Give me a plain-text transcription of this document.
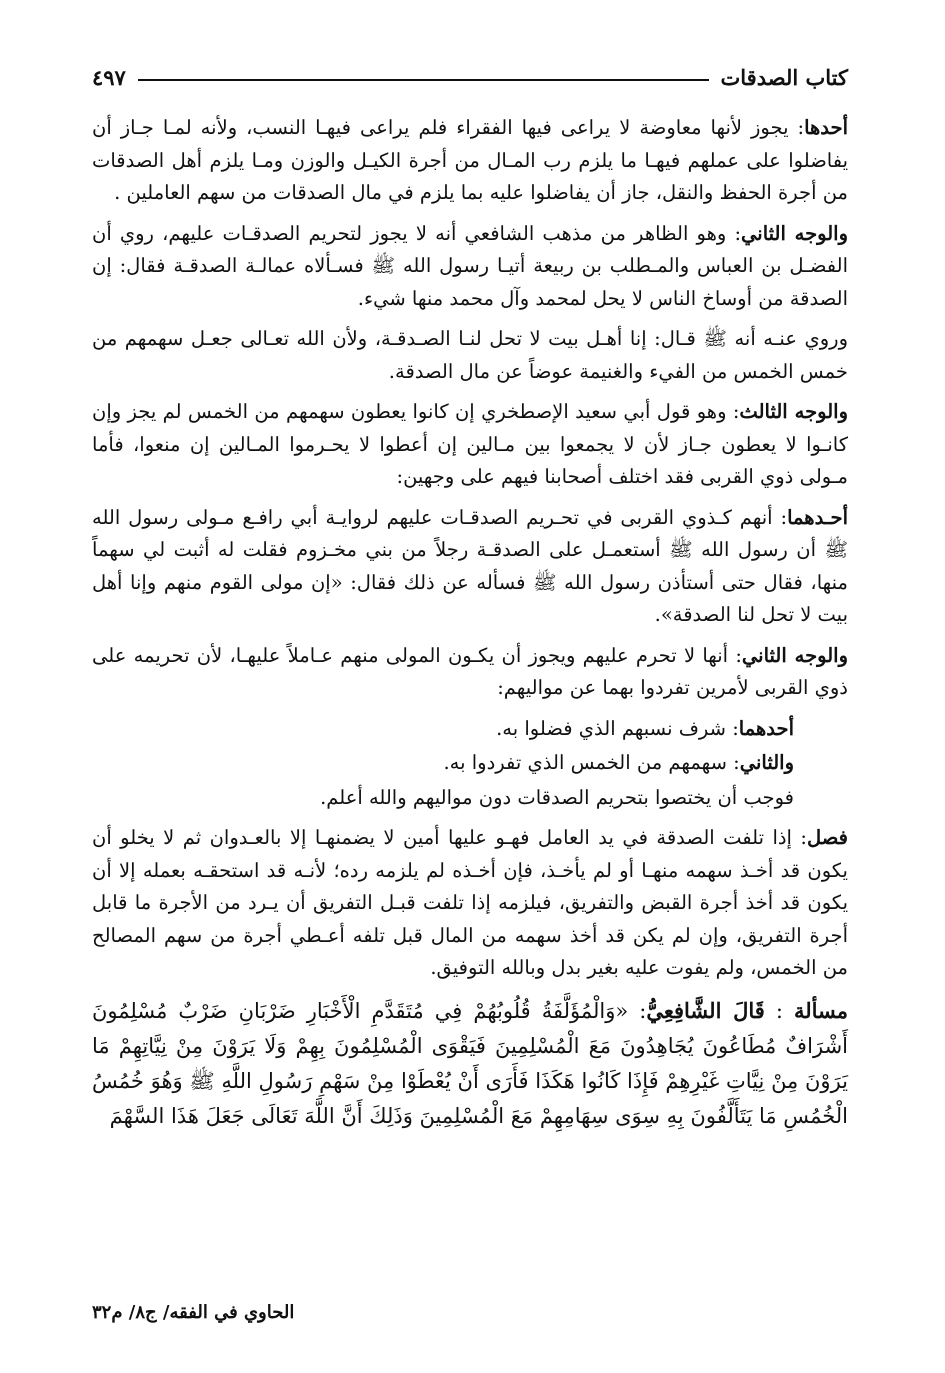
كتاب الصدقات
٤٩٧

أحدها: يجوز لأنها معاوضة لا يراعى فيها الفقراء فلم يراعى فيهـا النسب، ولأنه لمـا جـاز أن يفاضلوا على عملهم فيهـا ما يلزم رب المـال من أجرة الكيـل والوزن ومـا يلزم أهل الصدقات من أجرة الحفظ والنقل، جاز أن يفاضلوا عليه بما يلزم في مال الصدقات من سهم العاملين .

والوجه الثاني: وهو الظاهر من مذهب الشافعي أنه لا يجوز لتحريم الصدقـات عليهم، روي أن الفضـل بن العباس والمـطلب بن ربيعة أتيـا رسول الله ﷺ فسـألاه عمالـة الصدقـة فقال: إن الصدقة من أوساخ الناس لا يحل لمحمد وآل محمد منها شيء.

وروي عنـه أنه ﷺ قـال: إنا أهـل بيت لا تحل لنـا الصـدقـة، ولأن الله تعـالى جعـل سهمهم من خمس الخمس من الفيء والغنيمة عوضاً عن مال الصدقة.

والوجه الثالث: وهو قول أبي سعيد الإصطخري إن كانوا يعطون سهمهم من الخمس لم يجز وإن كانـوا لا يعطون جـاز لأن لا يجمعوا بين مـالين إن أعطوا لا يحـرموا المـالين إن منعوا، فأما مـولى ذوي القربى فقد اختلف أصحابنا فيهم على وجهين:

أحـدهما: أنهم كـذوي القربى في تحـريم الصدقـات عليهم لروايـة أبي رافـع مـولى رسول الله ﷺ أن رسول الله ﷺ أستعمـل على الصدقـة رجلاً من بني مخـزوم فقلت له أثبت لي سهماً منها، فقال حتى أستأذن رسول الله ﷺ فسأله عن ذلك فقال: «إن مولى القوم منهم وإنا أهل بيت لا تحل لنا الصدقة».

والوجه الثاني: أنها لا تحرم عليهم ويجوز أن يكـون المولى منهم عـاملاً عليهـا، لأن تحريمه على ذوي القربى لأمرين تفردوا بهما عن مواليهم:

أحدهما: شرف نسبهم الذي فضلوا به.

والثاني: سهمهم من الخمس الذي تفردوا به.

فوجب أن يختصوا بتحريم الصدقات دون مواليهم والله أعلم.

فصل: إذا تلفت الصدقة في يد العامل فهـو عليها أمين لا يضمنهـا إلا بالعـدوان ثم لا يخلو أن يكون قد أخـذ سهمه منهـا أو لم يأخـذ، فإن أخـذه لم يلزمه رده؛ لأنـه قد استحقـه بعمله إلا أن يكون قد أخذ أجرة القبض والتفريق، فيلزمه إذا تلفت قبـل التفريق أن يـرد من الأجرة ما قابل أجرة التفريق، وإن لم يكن قد أخذ سهمه من المال قبل تلفه أعـطي أجرة من سهم المصالح من الخمس، ولم يفوت عليه بغير بدل وبالله التوفيق.

مسألة : قَالَ الشَّافِعِيُّ: «وَالْمُؤَلَّفَةُ قُلُوبُهُمْ فِي مُتَقَدَّمِ الْأَخْبَارِ ضَرْبَانِ ضَرْبٌ مُسْلِمُونَ أَشْرَافٌ مُطَاعُونَ يُجَاهِدُونَ مَعَ الْمُسْلِمِينَ فَيَقْوَى الْمُسْلِمُونَ بِهِمْ وَلَا يَرَوْنَ مِنْ نِيَّاتِهِمْ مَا يَرَوْنَ مِنْ نِيَّاتِ غَيْرِهِمْ فَإِذَا كَانُوا هَكَذَا فَأَرَى أَنْ يُعْطَوْا مِنْ سَهْمِ رَسُولِ اللَّهِ ﷺ وَهُوَ خُمُسُ الْخُمُسِ مَا يَتَأَلَّفُونَ بِهِ سِوَى سِهَامِهِمْ مَعَ الْمُسْلِمِينَ وَذَلِكَ أَنَّ اللَّهَ تَعَالَى جَعَلَ هَذَا السَّهْمَ

الحاوي في الفقه/ ج٨/ م٣٢
